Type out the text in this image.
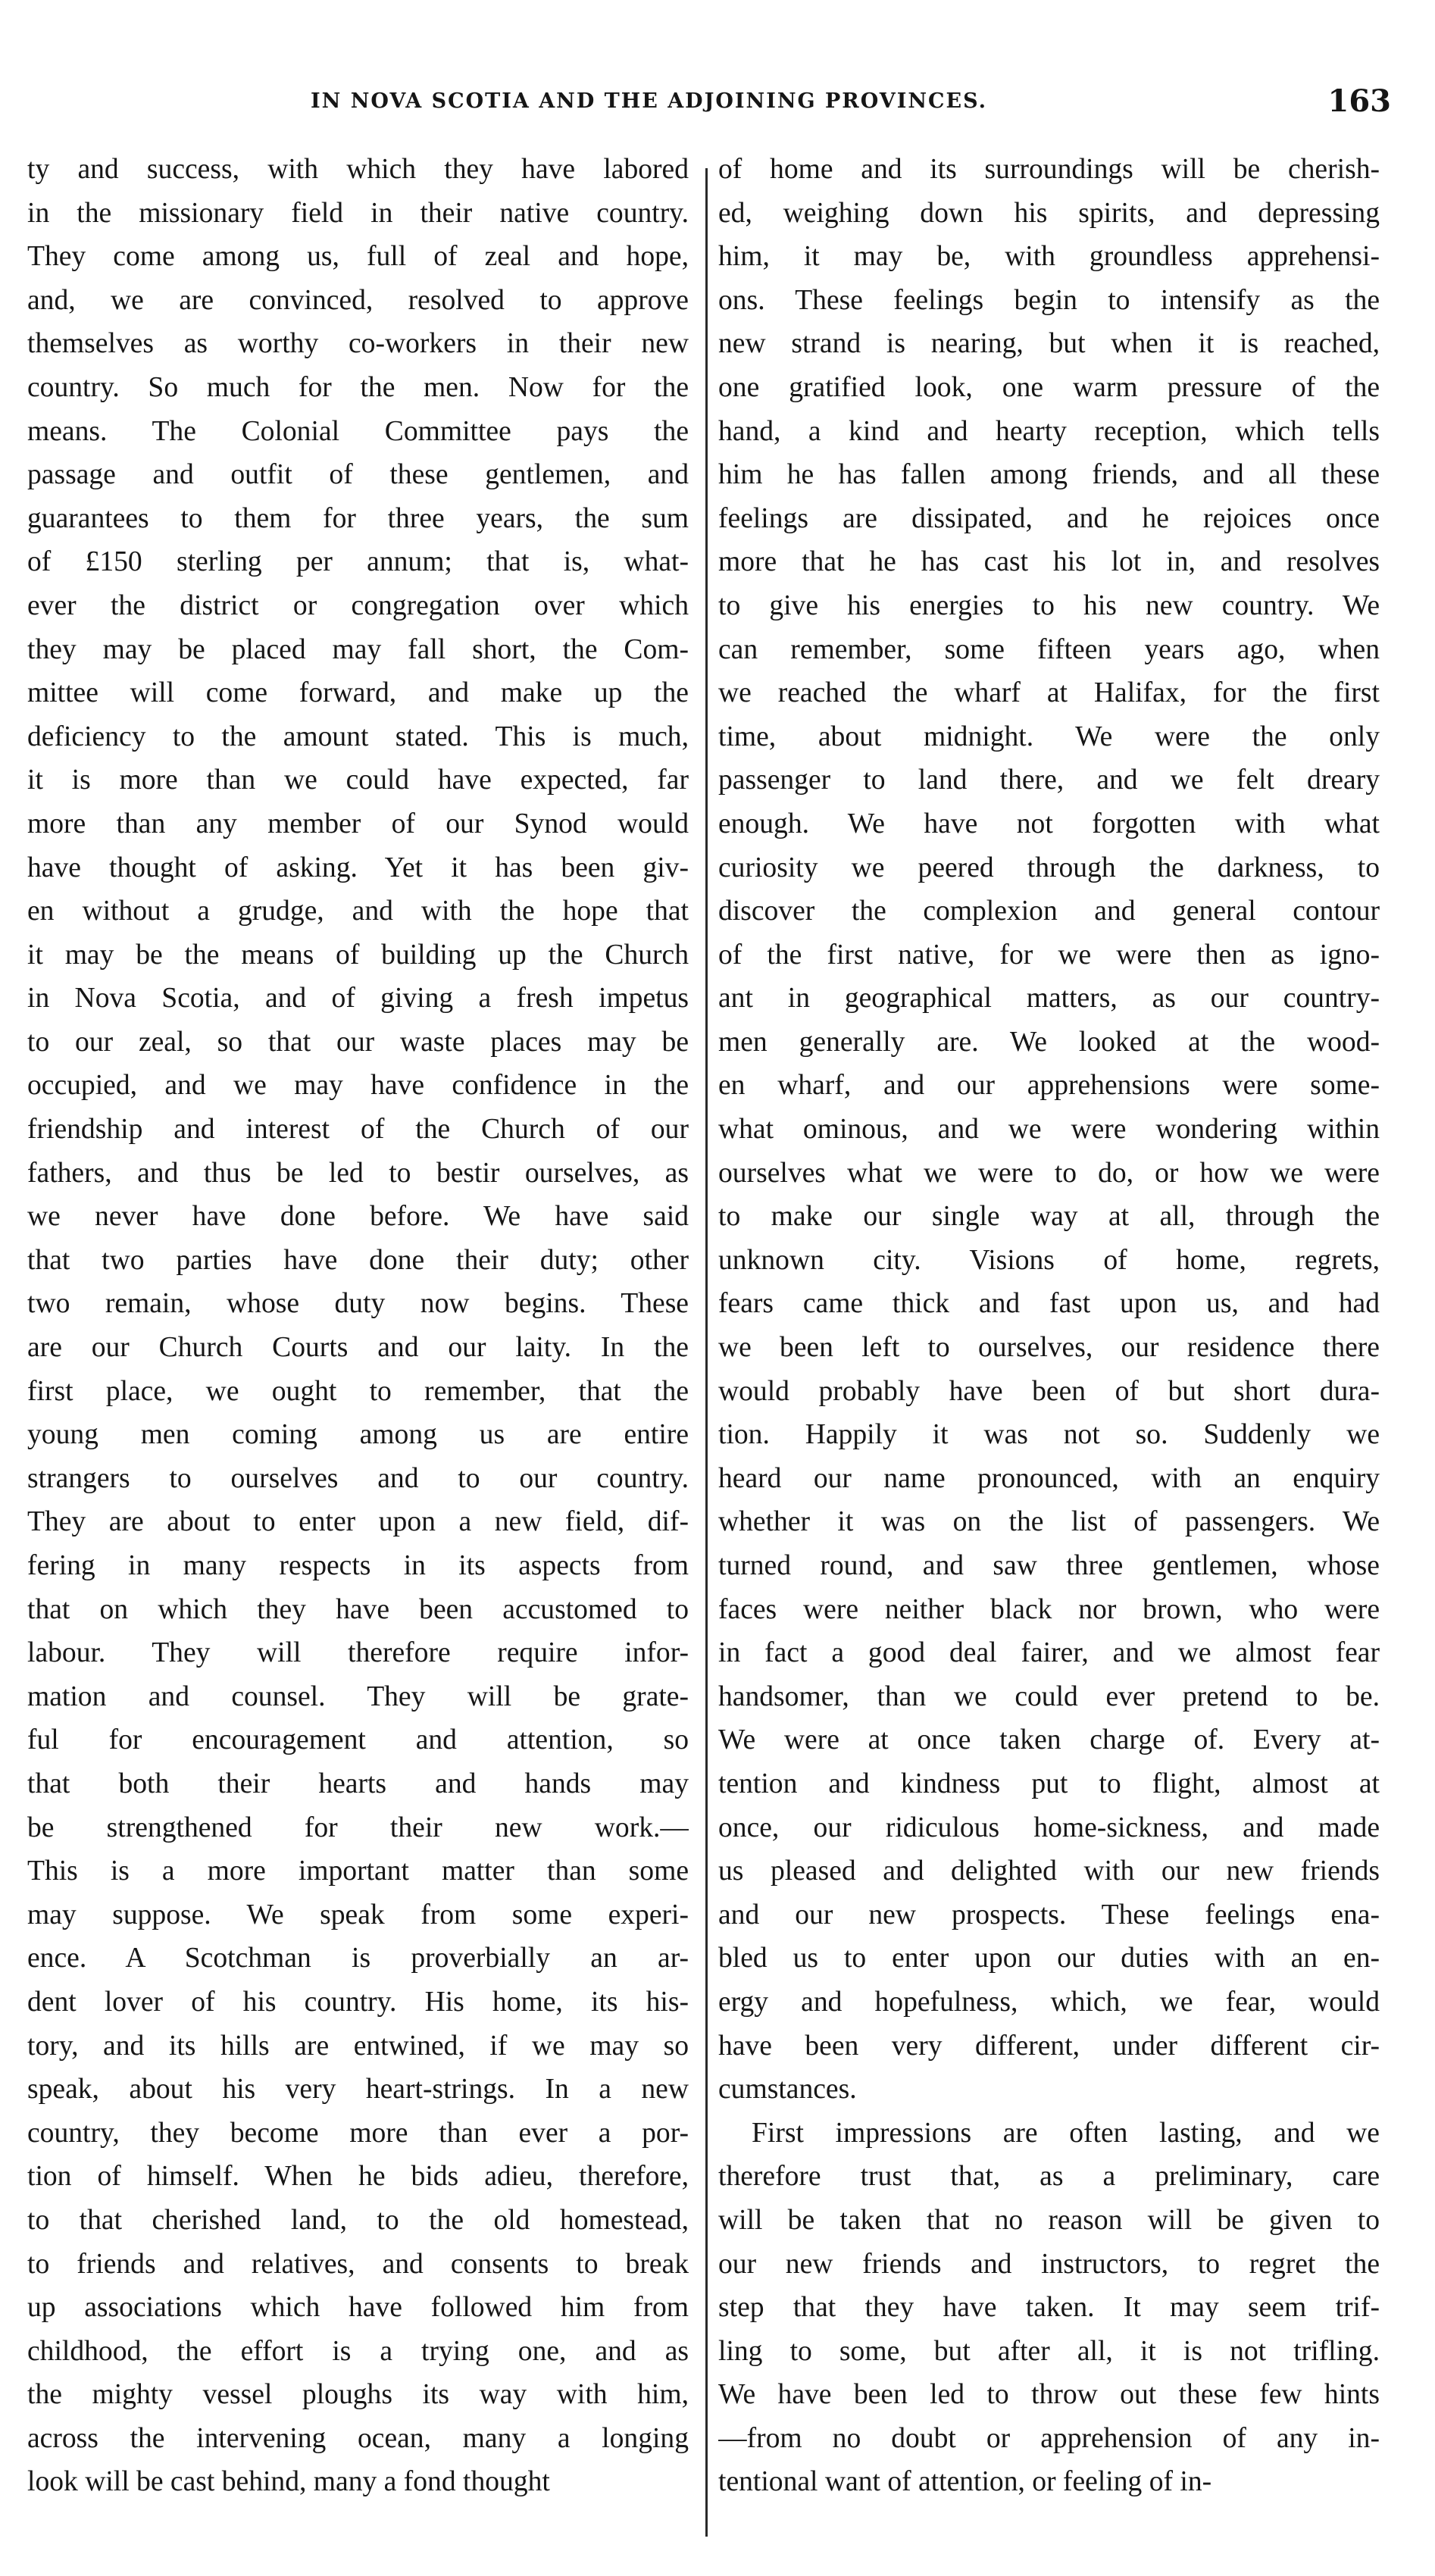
IN NOVA SCOTIA AND THE ADJOINING PROVINCES.	163
ty and success, with which they have labored
in the missionary field in their native country.
They come among us, full of zeal and hope,
and, we are convinced, resolved to approve
themselves as worthy co-workers in their new
country. So much for the men. Now for the
means. The Colonial Committee pays the
passage and outfit of these gentlemen, and
guarantees to them for three years, the sum
of £150 sterling per annum; that is, what-
ever the district or congregation over which
they may be placed may fall short, the Com-
mittee will come forward, and make up the
deficiency to the amount stated. This is much,
it is more than we could have expected, far
more than any member of our Synod would
have thought of asking. Yet it has been giv-
en without a grudge, and with the hope that
it may be the means of building up the Church
in Nova Scotia, and of giving a fresh impetus
to our zeal, so that our waste places may be
occupied, and we may have confidence in the
friendship and interest of the Church of our
fathers, and thus be led to bestir ourselves, as
we never have done before. We have said
that two parties have done their duty; other
two remain, whose duty now begins. These
are our Church Courts and our laity. In the
first place, we ought to remember, that the
young men coming among us are entire
strangers to ourselves and to our country.
They are about to enter upon a new field, dif-
fering in many respects in its aspects from
that on which they have been accustomed to
labour. They will therefore require infor-
mation and counsel. They will be grate-
ful for encouragement and attention, so
that both their hearts and hands may
be strengthened for their new work.—
This is a more important matter than some
may suppose. We speak from some experi-
ence. A Scotchman is proverbially an ar-
dent lover of his country. His home, its his-
tory, and its hills are entwined, if we may so
speak, about his very heart-strings. In a new
country, they become more than ever a por-
tion of himself. When he bids adieu, therefore,
to that cherished land, to the old homestead,
to friends and relatives, and consents to break
up associations which have followed him from
childhood, the effort is a trying one, and as
the mighty vessel ploughs its way with him,
across the intervening ocean, many a longing
look will be cast behind, many a fond thought
of home and its surroundings will be cherish-
ed, weighing down his spirits, and depressing
him, it may be, with groundless apprehensi-
ons. These feelings begin to intensify as the
new strand is nearing, but when it is reached,
one gratified look, one warm pressure of the
hand, a kind and hearty reception, which tells
him he has fallen among friends, and all these
feelings are dissipated, and he rejoices once
more that he has cast his lot in, and resolves
to give his energies to his new country. We
can remember, some fifteen years ago, when
we reached the wharf at Halifax, for the first
time, about midnight. We were the only
passenger to land there, and we felt dreary
enough. We have not forgotten with what
curiosity we peered through the darkness, to
discover the complexion and general contour
of the first native, for we were then as igno-
ant in geographical matters, as our country-
men generally are. We looked at the wood-
en wharf, and our apprehensions were some-
what ominous, and we were wondering within
ourselves what we were to do, or how we were
to make our single way at all, through the
unknown city. Visions of home, regrets,
fears came thick and fast upon us, and had
we been left to ourselves, our residence there
would probably have been of but short dura-
tion. Happily it was not so. Suddenly we
heard our name pronounced, with an enquiry
whether it was on the list of passengers. We
turned round, and saw three gentlemen, whose
faces were neither black nor brown, who were
in fact a good deal fairer, and we almost fear
handsomer, than we could ever pretend to be.
We were at once taken charge of. Every at-
tention and kindness put to flight, almost at
once, our ridiculous home-sickness, and made
us pleased and delighted with our new friends
and our new prospects. These feelings ena-
bled us to enter upon our duties with an en-
ergy and hopefulness, which, we fear, would
have been very different, under different cir-
cumstances.
First impressions are often lasting, and we
therefore trust that, as a preliminary, care
will be taken that no reason will be given to
our new friends and instructors, to regret the
step that they have taken. It may seem trif-
ling to some, but after all, it is not trifling.
We have been led to throw out these few hints
—from no doubt or apprehension of any in-
tentional want of attention, or feeling of in-
